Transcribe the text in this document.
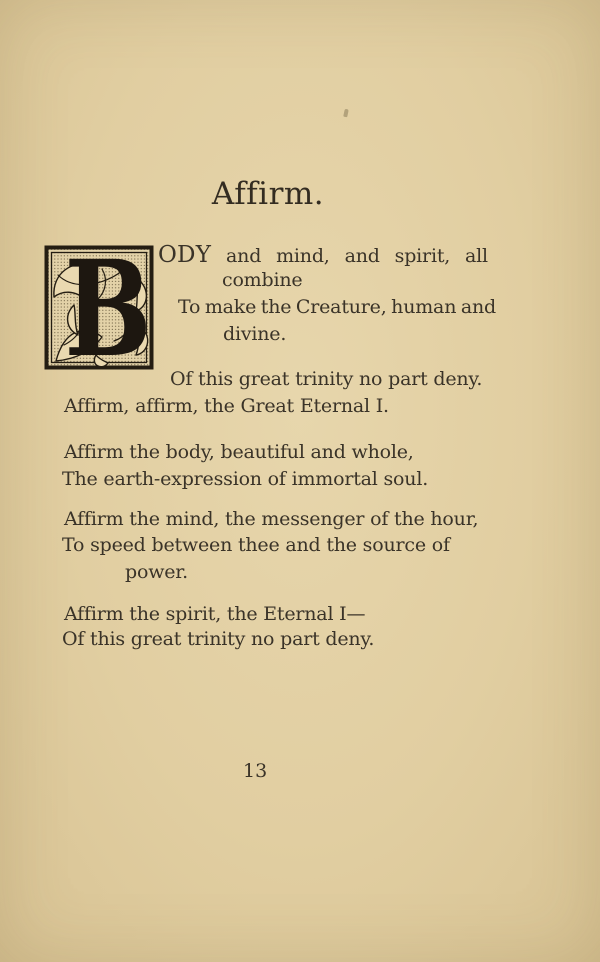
Affirm.
B ODY and mind, and spirit, all
combine
To make the Creature, human and
divine.
Of this great trinity no part deny.
Affirm, affirm, the Great Eternal I.
Affirm the body, beautiful and whole,
The earth-expression of immortal soul.
Affirm the mind, the messenger of the hour,
To speed between thee and the source of
power.
Affirm the spirit, the Eternal I—
Of this great trinity no part deny.
13
